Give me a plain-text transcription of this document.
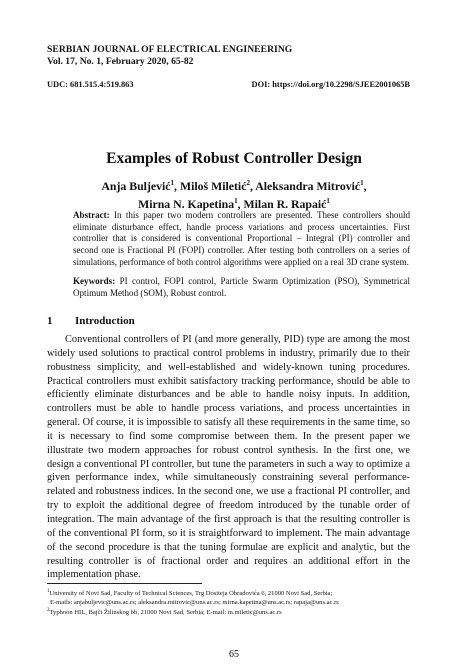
SERBIAN JOURNAL OF ELECTRICAL ENGINEERING
Vol. 17, No. 1, February 2020, 65-82
UDC: 681.515.4:519.863	DOI: https://doi.org/10.2298/SJEE2001065B
Examples of Robust Controller Design
Anja Buljević$^1$, Miloš Miletić$^2$, Aleksandra Mitrović$^1$,
Mirna N. Kapetina$^1$, Milan R. Rapaić$^1$
Abstract: In this paper two modern controllers are presented. These controllers should eliminate disturbance effect, handle process variations and process uncertainties. First controller that is considered is conventional Proportional – Integral (PI) controller and second one is Fractional PI (FOPI) controller. After testing both controllers on a series of simulations, performance of both control algorithms were applied on a real 3D crane system.
Keywords: PI control, FOPI control, Particle Swarm Optimization (PSO), Symmetrical Optimum Method (SOM), Robust control.
1 Introduction
Conventional controllers of PI (and more generally, PID) type are among the most widely used solutions to practical control problems in industry, primarily due to their robustness simplicity, and well-established and widely-known tuning procedures. Practical controllers must exhibit satisfactory tracking performance, should be able to efficiently eliminate disturbances and be able to handle noisy inputs. In addition, controllers must be able to handle process variations, and process uncertainties in general. Of course, it is impossible to satisfy all these requirements in the same time, so it is necessary to find some compromise between them. In the present paper we illustrate two modern approaches for robust control synthesis. In the first one, we design a conventional PI controller, but tune the parameters in such a way to optimize a given performance index, while simultaneously constraining several performance-related and robustness indices. In the second one, we use a fractional PI controller, and try to exploit the additional degree of freedom introduced by the tunable order of integration. The main advantage of the first approach is that the resulting controller is of the conventional PI form, so it is straightforward to implement. The main advantage of the second procedure is that the tuning formulae are explicit and analytic, but the resulting controller is of fractional order and requires an additional effort in the implementation phase.
$^1$University of Novi Sad, Faculty of Technical Sciences, Trg Dositeja Obradovića 6, 21000 Novi Sad, Serbia;
E-mails: anjabuljevic@uns.ac.rs; aleksandra.mitrovic@uns.ac.rs; mirna.kapetina@uns.ac.rs; rapaja@uns.ac.rs
$^2$Typhoon HIL, Bajči Žilinskog bb, 21000 Novi Sad, Serbia; E-mail: m.miletic@uns.ac.rs
65
